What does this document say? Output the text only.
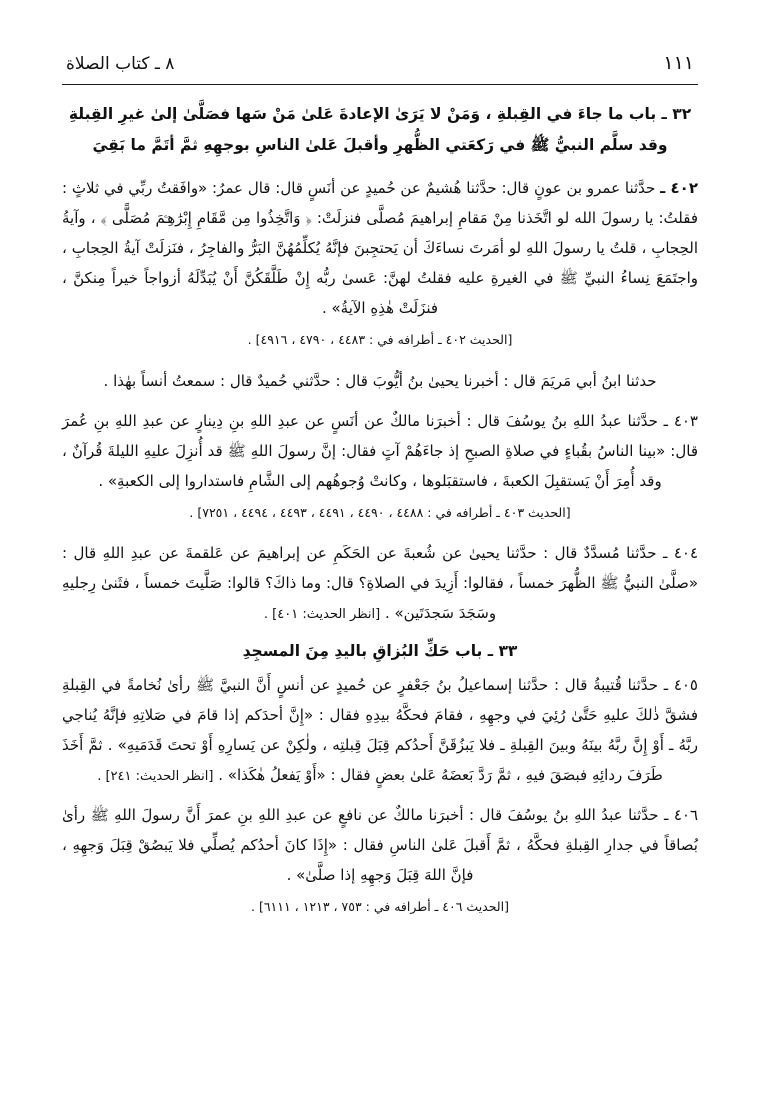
٨ ـ كتاب الصلاة	١١١
٣٢ ـ باب ما جاءَ في القِبلةِ ، وَمَنْ لا يَرَىٰ الإعادةَ عَلىٰ مَنْ سَها فصَلَّىٰ إلىٰ غيرِ القِبلةِ
وقد سلَّم النبيُّ ﷺ في رَكعَتي الظُّهرِ وأقبلَ عَلىٰ الناسِ بوجهِهِ ثمَّ أتَمَّ ما بَقِيَ
٤٠٢ ـ حدَّثنا عمرو بن عونٍ قال: حدَّثنا هُشيمٌ عن حُميدٍ عن أنَسٍ قال: قال عمرُ: «وافَقتُ ربِّي في ثلاثٍ : فقلتُ: يا رسولَ الله لو اتَّخَذنا مِنْ مَقامِ إبراهيمَ مُصلَّى فنزلَتْ: ﴿ وَاتَّخِذُوا مِن مَّقَامِ إِبْرَٰهِـۧمَ مُصَلًّى ﴾ ، وآيةُ الحِجابِ ، قلتُ يا رسولَ اللهِ لو أمَرتَ نساءَكَ أن يَحتجِبنَ فإنَّهُ يُكلِّمُهُنَّ البَرُّ والفاجِرُ ، فنَزلَتْ آيةُ الحِجابِ ، واجتَمَعَ نِساءُ النبيِّ ﷺ في الغيرةِ عليه فقلتُ لهنَّ: عَسىٰ ربُّه إِنْ طَلَّقَكُنَّ أَنْ يُبَدِّلَهُ أزواجاً خيراً مِنكنَّ ، فنزَلَتْ هٰذِهِ الآيةُ» .
[الحديث ٤٠٢ ـ أطرافه في : ٤٤٨٣ ، ٤٧٩٠ ، ٤٩١٦] .
حدثنا ابنُ أبي مَريَمَ قال : أخبرنا يحيىٰ بنُ أيُّوبَ قال : حدَّثني حُميدٌ قال : سمعتُ أنساً بهٰذا .
٤٠٣ ـ حدَّثنا عبدُ اللهِ بنُ يوسُفَ قال : أخبرَنا مالكٌ عن أنَسٍ عن عبدِ اللهِ بنِ دِينارٍ عن عبدِ اللهِ بنِ عُمرَ قال: «بينا الناسُ بقُباءٍ في صلاةِ الصبحِ إذ جاءَهُمْ آتٍ فقال: إنَّ رسولَ اللهِ ﷺ قد أُنزِلَ عليهِ الليلةَ قُرآنٌ ، وقد أُمِرَ أَنْ يَستقبِلَ الكعبةَ ، فاستقبَلوها ، وكانتْ وُجوهُهم إلى الشَّامِ فاستداروا إلى الكعبةِ» .
[الحديث ٤٠٣ ـ أطرافه في : ٤٤٨٨ ، ٤٤٩٠ ، ٤٤٩١ ، ٤٤٩٣ ، ٤٤٩٤ ، ٧٢٥١] .
٤٠٤ ـ حدَّثنا مُسدَّدٌ قال : حدَّثنا يحيىٰ عن شُعبةَ عن الحَكَمِ عن إبراهيمَ عن عَلقمةَ عن عبدِ اللهِ قال : «صلَّىٰ النبيُّ ﷺ الظُّهرَ خمساً ، فقالوا: أَزِيدَ في الصلاةِ؟ قال: وما ذاكَ؟ قالوا: صَلَّيتَ خمساً ، فثَنىٰ رِجليهِ وسَجَدَ سَجدَتَين» . [انظر الحديث: ٤٠١] .
٣٣ ـ باب حَكِّ البُزاقِ باليدِ مِنَ المسجِدِ
٤٠٥ ـ حدَّثنا قُتيبةُ قال : حدَّثنا إسماعيلُ بنُ جَعْفرٍ عن حُميدٍ عن أنسٍ أَنَّ النبيَّ ﷺ رأىٰ نُخامةً في القِبلةِ فشقَّ ذٰلكَ عليهِ حَتَّىٰ رُئِيَ في وجهِهِ ، فقامَ فحكَّهُ بيدِهِ فقال : «إِنَّ أحدَكم إذا قامَ في صَلاتِهِ فإنَّهُ يُناجي ربَّهُ ـ أَوْ إِنَّ ربَّهُ بينَهُ وبينَ القِبلةِ ـ فلا يَبزُقَنَّ أَحدُكم قِبَلَ قِبلتِه ، ولٰكِنْ عن يَسارِهِ أَوْ تحتَ قَدَمَيهِ» . ثمَّ أَخَذَ طَرَفَ ردائِهِ فبصَقَ فيهِ ، ثمَّ رَدَّ بَعضَهُ عَلىٰ بعضٍ فقال : «أَوْ يَفعلُ هٰكَذا» . [انظر الحديث: ٢٤١] .
٤٠٦ ـ حدَّثنا عبدُ اللهِ بنُ يوسُفَ قال : أخبرَنا مالكٌ عن نافعٍ عن عبدِ اللهِ بنِ عمرَ أَنَّ رسولَ اللهِ ﷺ رأىٰ بُصاقاً في جدارِ القِبلةِ فحكَّهُ ، ثمَّ أَقبلَ عَلىٰ الناسِ فقال : «إِذَا كانَ أحدُكم يُصلِّي فلا يَبصُقْ قِبَلَ وَجهِهِ ، فإنَّ اللهَ قِبَلَ وَجهِهِ إذا صلَّىٰ» .
[الحديث ٤٠٦ ـ أطرافه في : ٧٥٣ ، ١٢١٣ ، ٦١١١] .
